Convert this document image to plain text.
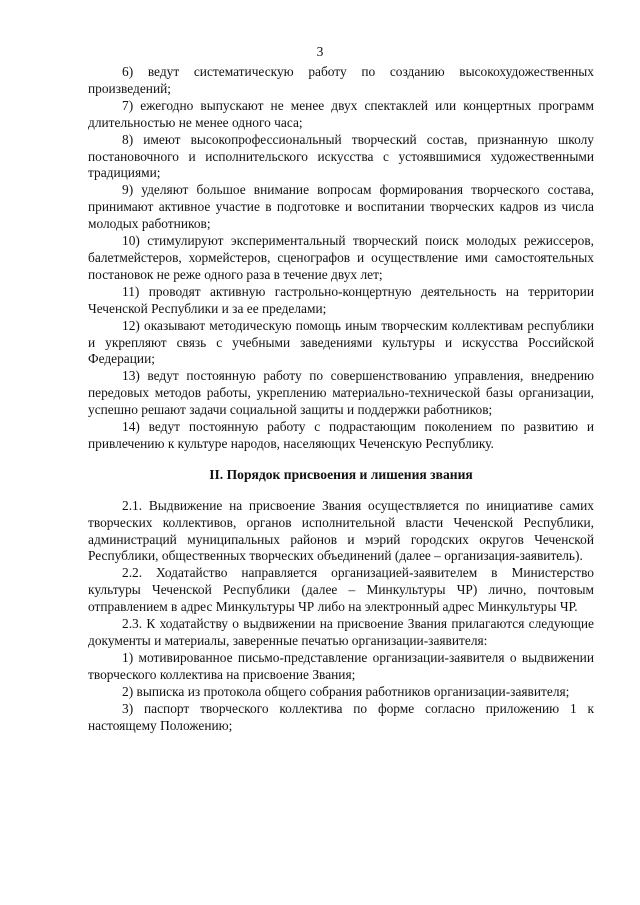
3

6) ведут систематическую работу по созданию высокохудожественных произведений;

7) ежегодно выпускают не менее двух спектаклей или концертных программ длительностью не менее одного часа;

8) имеют высокопрофессиональный творческий состав, признанную школу постановочного и исполнительского искусства с устоявшимися художественными традициями;

9) уделяют большое внимание вопросам формирования творческого состава, принимают активное участие в подготовке и воспитании творческих кадров из числа молодых работников;

10) стимулируют экспериментальный творческий поиск молодых режиссеров, балетмейстеров, хормейстеров, сценографов и осуществление ими самостоятельных постановок не реже одного раза в течение двух лет;

11) проводят активную гастрольно-концертную деятельность на территории Чеченской Республики и за ее пределами;

12) оказывают методическую помощь иным творческим коллективам республики и укрепляют связь с учебными заведениями культуры и искусства Российской Федерации;

13) ведут постоянную работу по совершенствованию управления, внедрению передовых методов работы, укреплению материально-технической базы организации, успешно решают задачи социальной защиты и поддержки работников;

14) ведут постоянную работу с подрастающим поколением по развитию и привлечению к культуре народов, населяющих Чеченскую Республику.

II. Порядок присвоения и лишения звания

2.1. Выдвижение на присвоение Звания осуществляется по инициативе самих творческих коллективов, органов исполнительной власти Чеченской Республики, администраций муниципальных районов и мэрий городских округов Чеченской Республики, общественных творческих объединений (далее – организация-заявитель).

2.2. Ходатайство направляется организацией-заявителем в Министерство культуры Чеченской Республики (далее – Минкультуры ЧР) лично, почтовым отправлением в адрес Минкультуры ЧР либо на электронный адрес Минкультуры ЧР.

2.3. К ходатайству о выдвижении на присвоение Звания прилагаются следующие документы и материалы, заверенные печатью организации-заявителя:

1) мотивированное письмо-представление организации-заявителя о выдвижении творческого коллектива на присвоение Звания;

2) выписка из протокола общего собрания работников организации-заявителя;

3) паспорт творческого коллектива по форме согласно приложению 1 к настоящему Положению;
